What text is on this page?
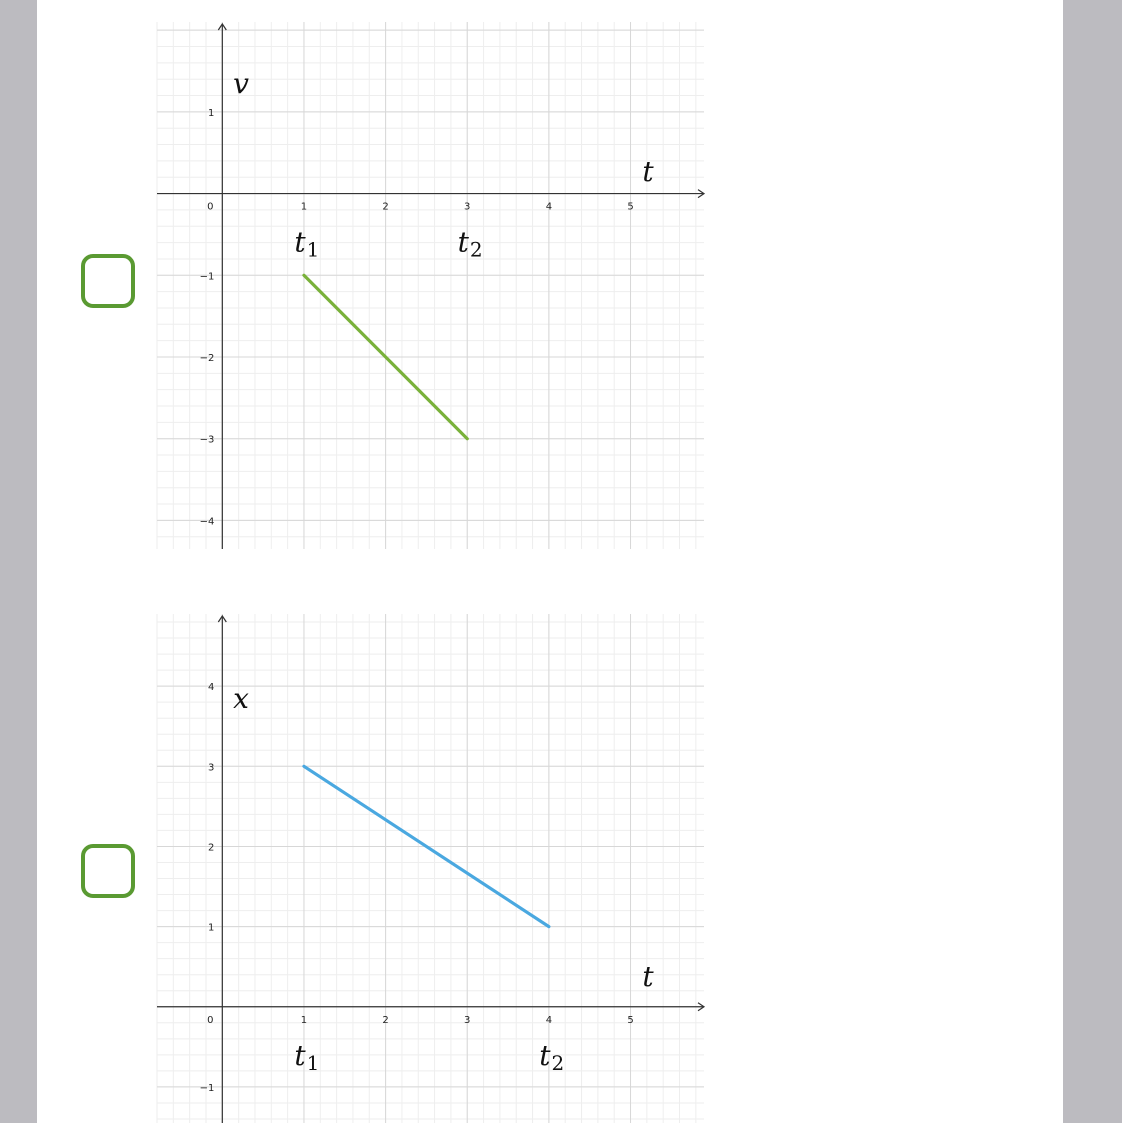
0	1	2	3	4	5
1
−1
−2
−3
−4
v
t
t 1	t 2
0	1	2	3	4	5
4
3
2
1
−1
x
t
t 1	t 2
